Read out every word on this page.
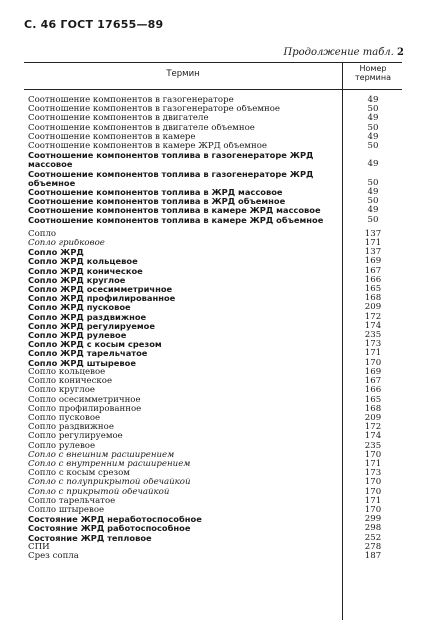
С. 46 ГОСТ 17655—89
Продолжение табл. 2
Термин
Номер
термина
Соотношение компонентов в газогенераторе	49
Соотношение компонентов в газогенераторе объемное	50
Соотношение компонентов в двигателе	49
Соотношение компонентов в двигателе объемное	50
Соотношение компонентов в камере	49
Соотношение компонентов в камере ЖРД объемное	50
Соотношение компонентов топлива в газогенераторе ЖРД массовое	49
Соотношение компонентов топлива в газогенераторе ЖРД объемное	50
Соотношение компонентов топлива в ЖРД массовое	49
Соотношение компонентов топлива в ЖРД объемное	50
Соотношение компонентов топлива в камере ЖРД массовое	49
Соотношение компонентов топлива в камере ЖРД объемное	50
Сопло	137
Сопло грибковое	171
Сопло ЖРД	137
Сопло ЖРД кольцевое	169
Сопло ЖРД коническое	167
Сопло ЖРД круглое	166
Сопло ЖРД осесимметричное	165
Сопло ЖРД профилированное	168
Сопло ЖРД пусковое	209
Сопло ЖРД раздвижное	172
Сопло ЖРД регулируемое	174
Сопло ЖРД рулевое	235
Сопло ЖРД с косым срезом	173
Сопло ЖРД тарельчатое	171
Сопло ЖРД штыревое	170
Сопло кольцевое	169
Сопло коническое	167
Сопло круглое	166
Сопло осесимметричное	165
Сопло профилированное	168
Сопло пусковое	209
Сопло раздвижное	172
Сопло регулируемое	174
Сопло рулевое	235
Сопло с внешним расширением	170
Сопло с внутренним расширением	171
Сопло с косым срезом	173
Сопло с полуприкрытой обечайкой	170
Сопло с прикрытой обечайкой	170
Сопло тарельчатое	171
Сопло штыревое	170
Состояние ЖРД неработоспособное	299
Состояние ЖРД работоспособное	298
Состояние ЖРД тепловое	252
СПИ	278
Срез сопла	187
